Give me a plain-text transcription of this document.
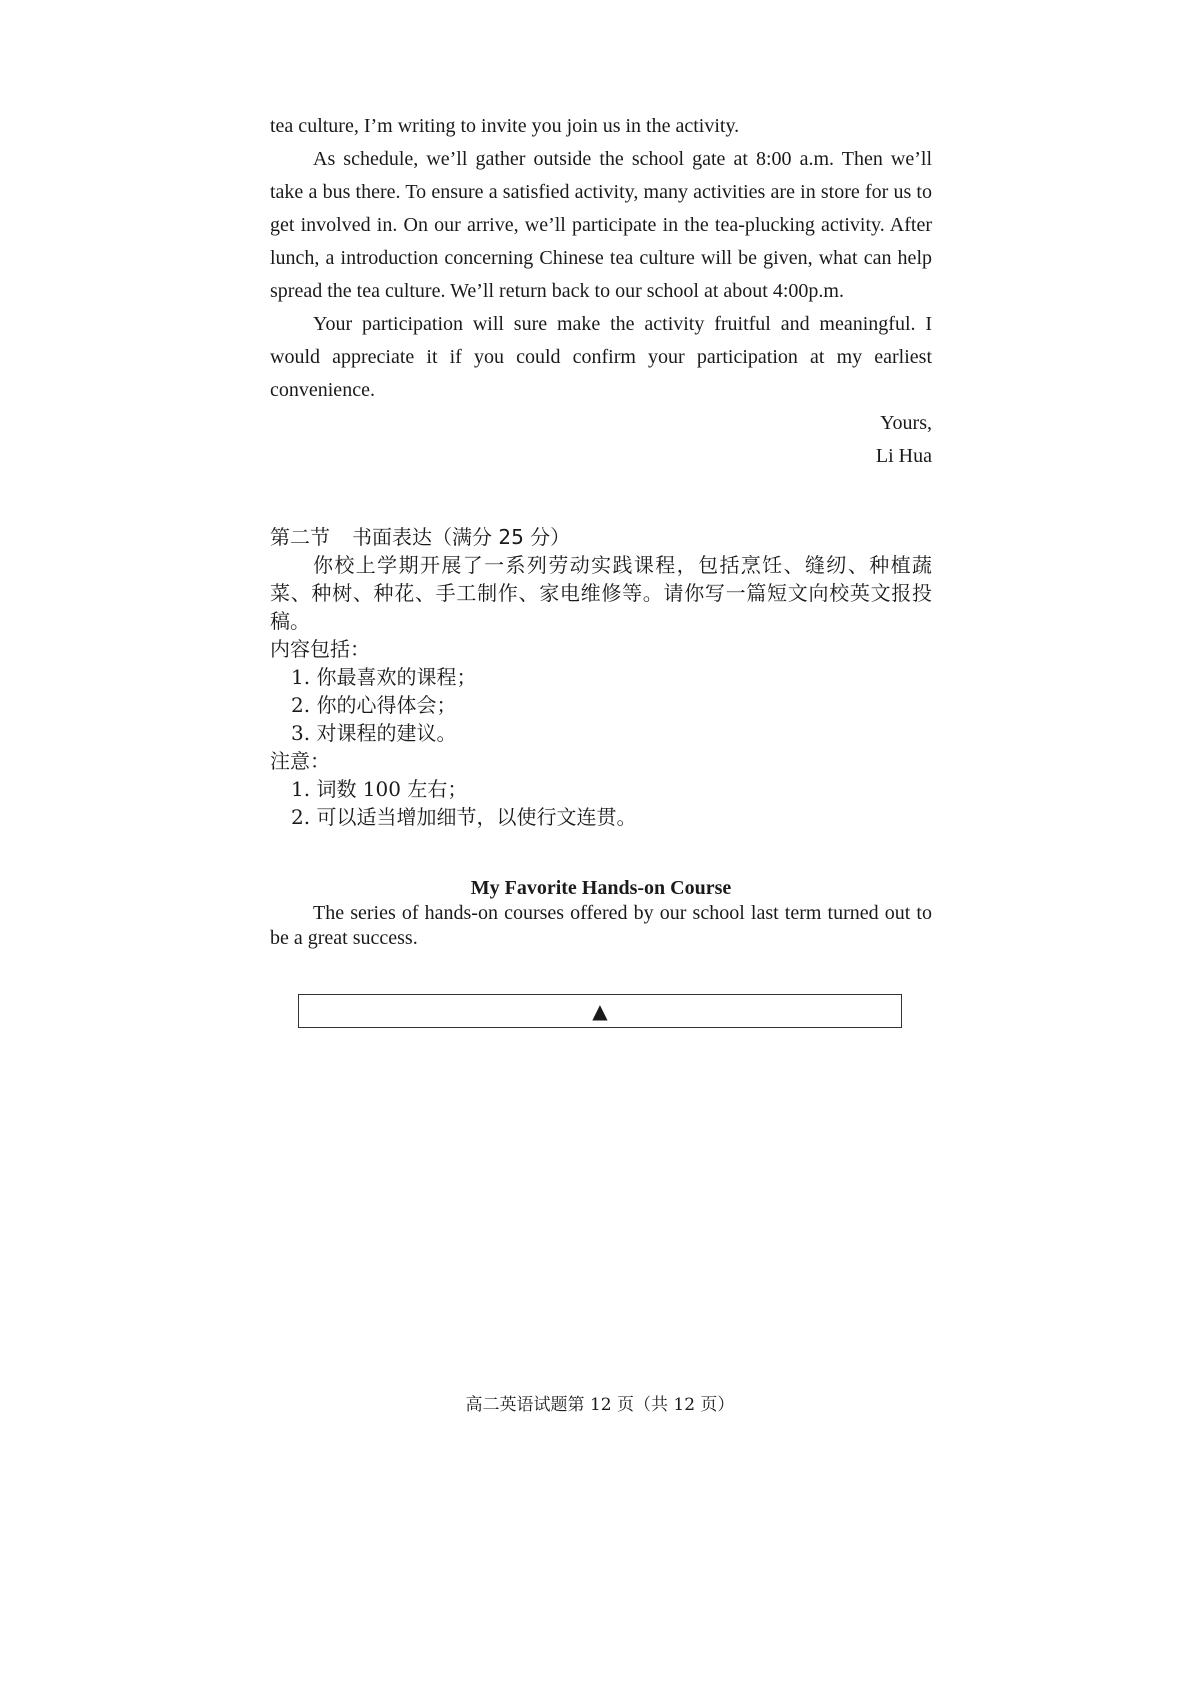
tea culture, I’m writing to invite you join us in the activity.

As schedule, we’ll gather outside the school gate at 8:00 a.m. Then we’ll take a bus there. To ensure a satisfied activity, many activities are in store for us to get involved in. On our arrive, we’ll participate in the tea-plucking activity. After lunch, a introduction concerning Chinese tea culture will be given, what can help spread the tea culture. We’ll return back to our school at about 4:00p.m.

Your participation will sure make the activity fruitful and meaningful. I would appreciate it if you could confirm your participation at my earliest convenience.

Yours,

Li Hua

第二节 书面表达（满分 25 分）

你校上学期开展了一系列劳动实践课程，包括烹饪、缝纫、种植蔬菜、种树、种花、手工制作、家电维修等。请你写一篇短文向校英文报投稿。

内容包括：

1. 你最喜欢的课程；

2. 你的心得体会；

3. 对课程的建议。

注意：

1. 词数 100 左右；

2. 可以适当增加细节，以使行文连贯。

My Favorite Hands-on Course

The series of hands-on courses offered by our school last term turned out to be a great success.

▲
高二英语试题第 12 页（共 12 页）
